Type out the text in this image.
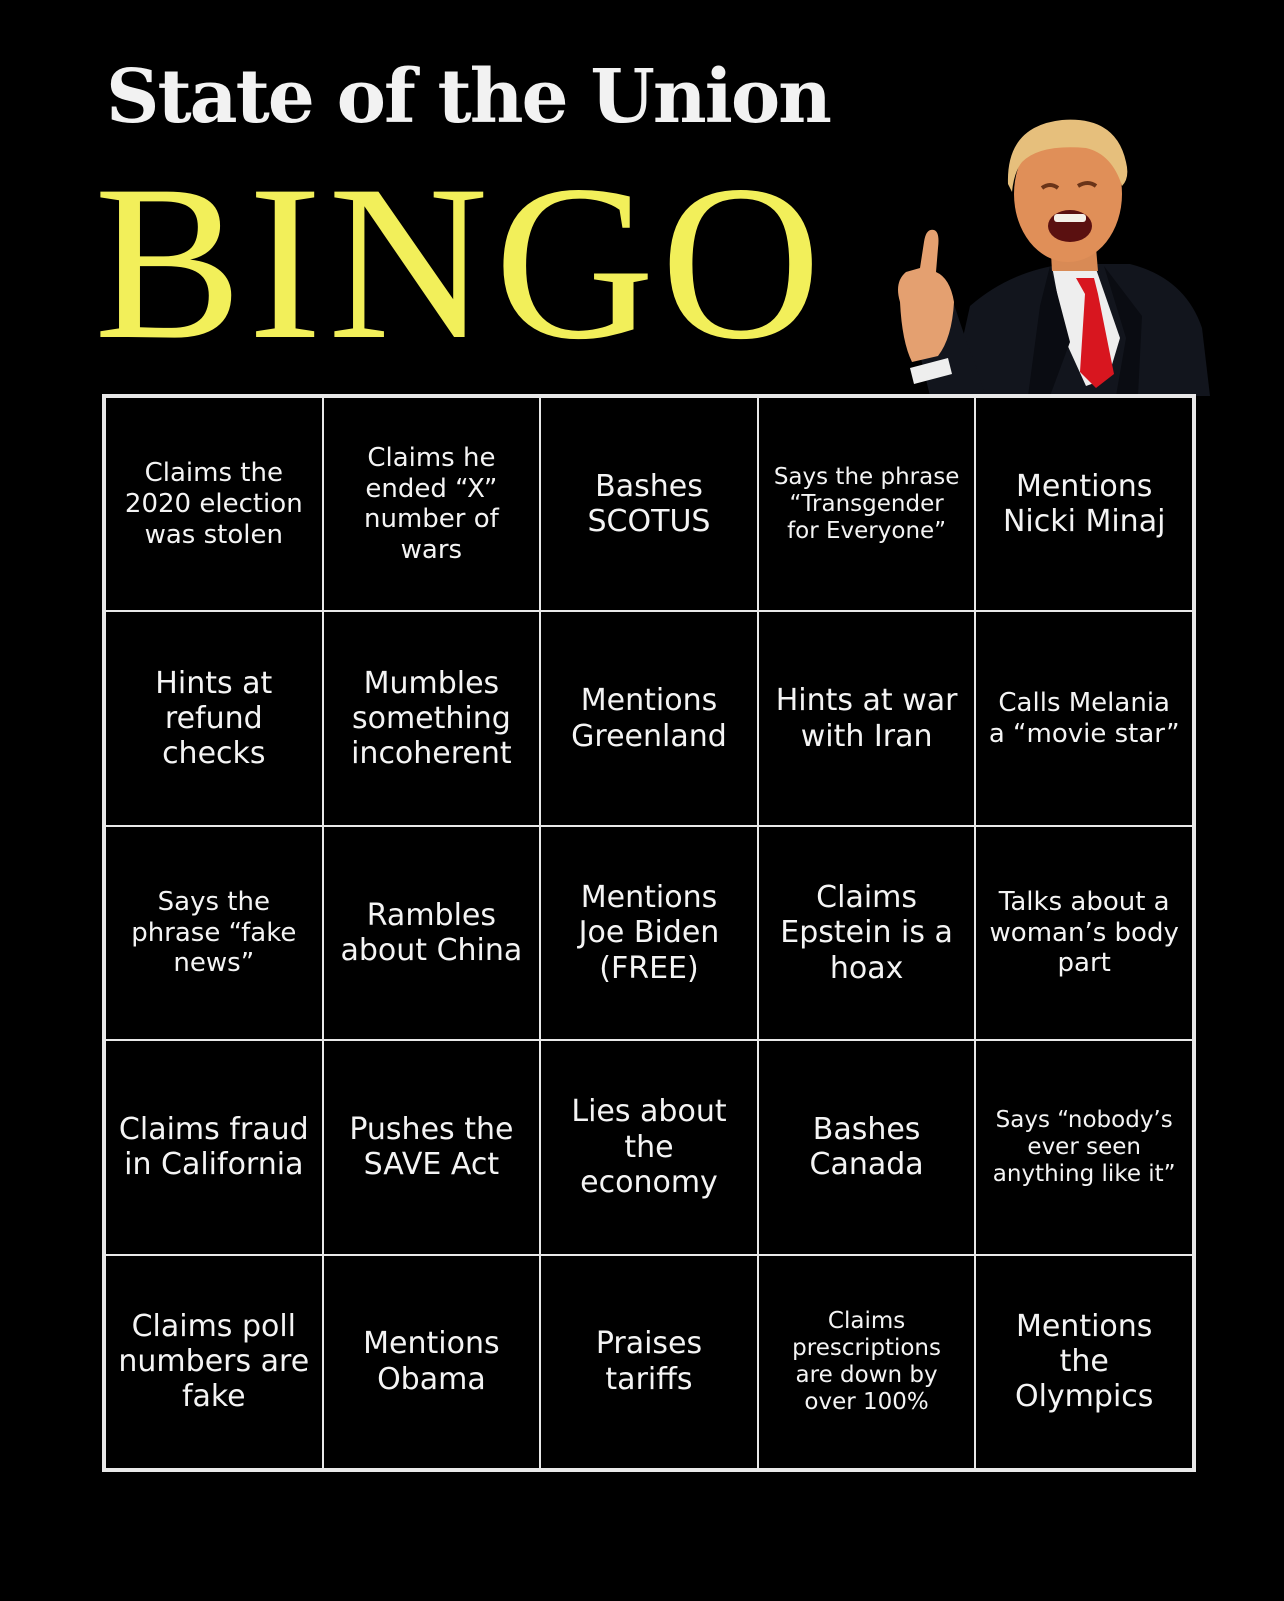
State of the Union
BINGO
Claims the 2020 election was stolen
Claims he ended “X” number of wars
Bashes SCOTUS
Says the phrase “Transgender for Everyone”
Mentions Nicki Minaj
Hints at refund checks
Mumbles something incoherent
Mentions Greenland
Hints at war with Iran
Calls Melania a “movie star”
Says the phrase “fake news”
Rambles about China
Mentions Joe Biden (FREE)
Claims Epstein is a hoax
Talks about a woman’s body part
Claims fraud in California
Pushes the SAVE Act
Lies about the economy
Bashes Canada
Says “nobody’s ever seen anything like it”
Claims poll numbers are fake
Mentions Obama
Praises tariffs
Claims prescriptions are down by over 100%
Mentions the Olympics
